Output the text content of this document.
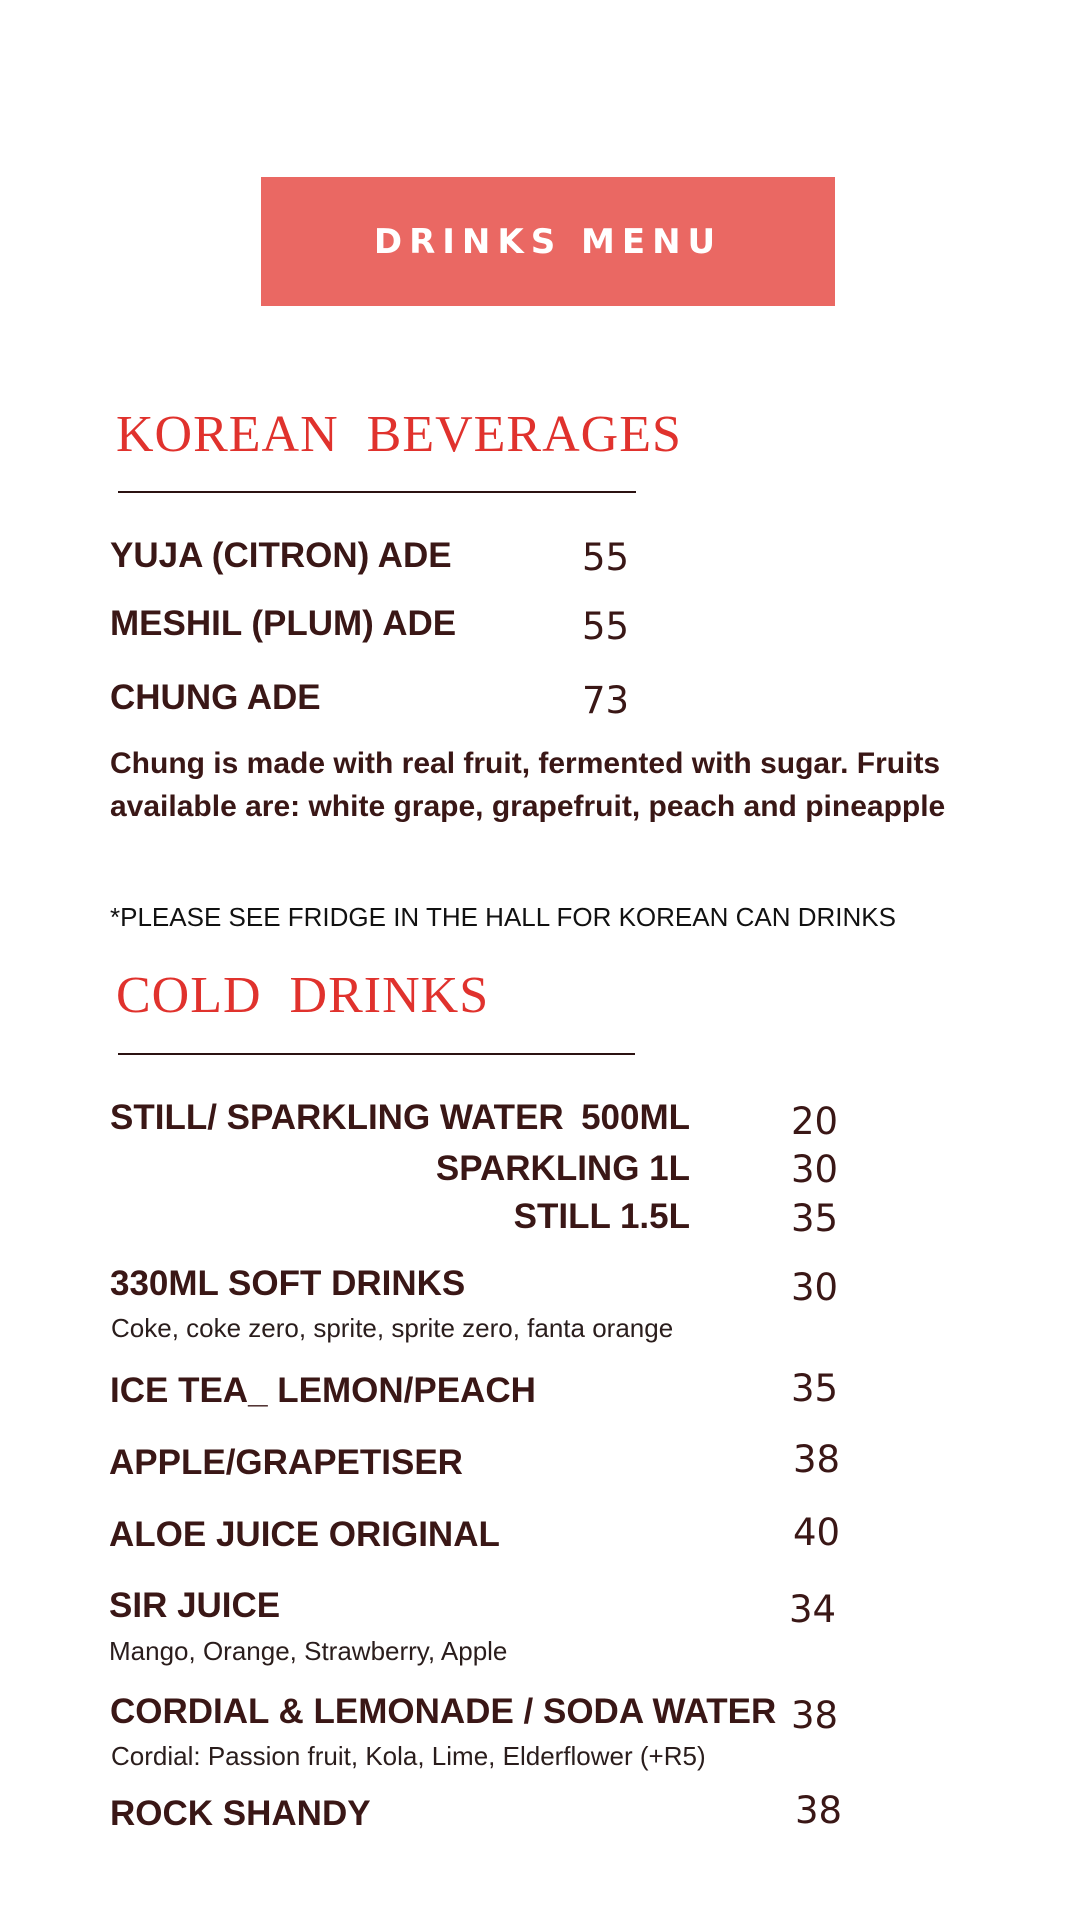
DRINKS MENU
KOREAN BEVERAGES
YUJA (CITRON) ADE	55
MESHIL (PLUM) ADE	55
CHUNG ADE	73
Chung is made with real fruit, fermented with sugar. Fruits available are: white grape, grapefruit, peach and pineapple
*PLEASE SEE FRIDGE IN THE HALL FOR KOREAN CAN DRINKS
COLD DRINKS
STILL/ SPARKLING WATER 500ML	20
SPARKLING 1L	30
STILL 1.5L	35
330ML SOFT DRINKS	30
Coke, coke zero, sprite, sprite zero, fanta orange
ICE TEA_ LEMON/PEACH	35
APPLE/GRAPETISER	38
ALOE JUICE ORIGINAL	40
SIR JUICE	34
Mango, Orange, Strawberry, Apple
CORDIAL & LEMONADE / SODA WATER 38
Cordial: Passion fruit, Kola, Lime, Elderflower (+R5)
ROCK SHANDY	38
